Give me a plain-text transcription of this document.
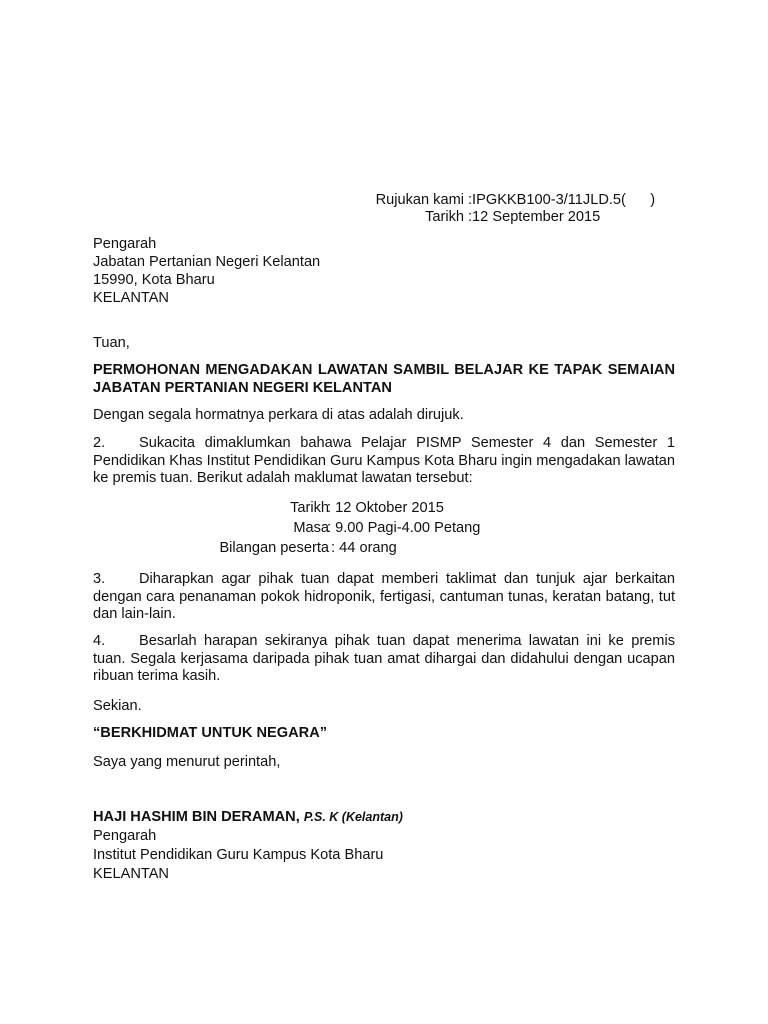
Rujukan kami :IPGKKB100-3/11JLD.5(      )
Tarikh :12 September 2015
Pengarah
Jabatan Pertanian Negeri Kelantan
15990, Kota Bharu
KELANTAN
Tuan,

PERMOHONAN MENGADAKAN LAWATAN SAMBIL BELAJAR KE TAPAK SEMAIAN JABATAN PERTANIAN NEGERI KELANTAN

Dengan segala hormatnya perkara di atas adalah dirujuk.

2. Sukacita dimaklumkan bahawa Pelajar PISMP Semester 4 dan Semester 1 Pendidikan Khas Institut Pendidikan Guru Kampus Kota Bharu ingin mengadakan lawatan ke premis tuan. Berikut adalah maklumat lawatan tersebut:

Tarikh
: 12 Oktober 2015
Masa
: 9.00 Pagi-4.00 Petang
Bilangan peserta
: 44 orang

3. Diharapkan agar pihak tuan dapat memberi taklimat dan tunjuk ajar berkaitan dengan cara penanaman pokok hidroponik, fertigasi, cantuman tunas, keratan batang, tut dan lain-lain.

4. Besarlah harapan sekiranya pihak tuan dapat menerima lawatan ini ke premis tuan. Segala kerjasama daripada pihak tuan amat dihargai dan didahului dengan ucapan ribuan terima kasih.

Sekian.
“BERKHIDMAT UNTUK NEGARA”
Saya yang menurut perintah,
HAJI HASHIM BIN DERAMAN, P.S. K (Kelantan)
Pengarah
Institut Pendidikan Guru Kampus Kota Bharu
KELANTAN
